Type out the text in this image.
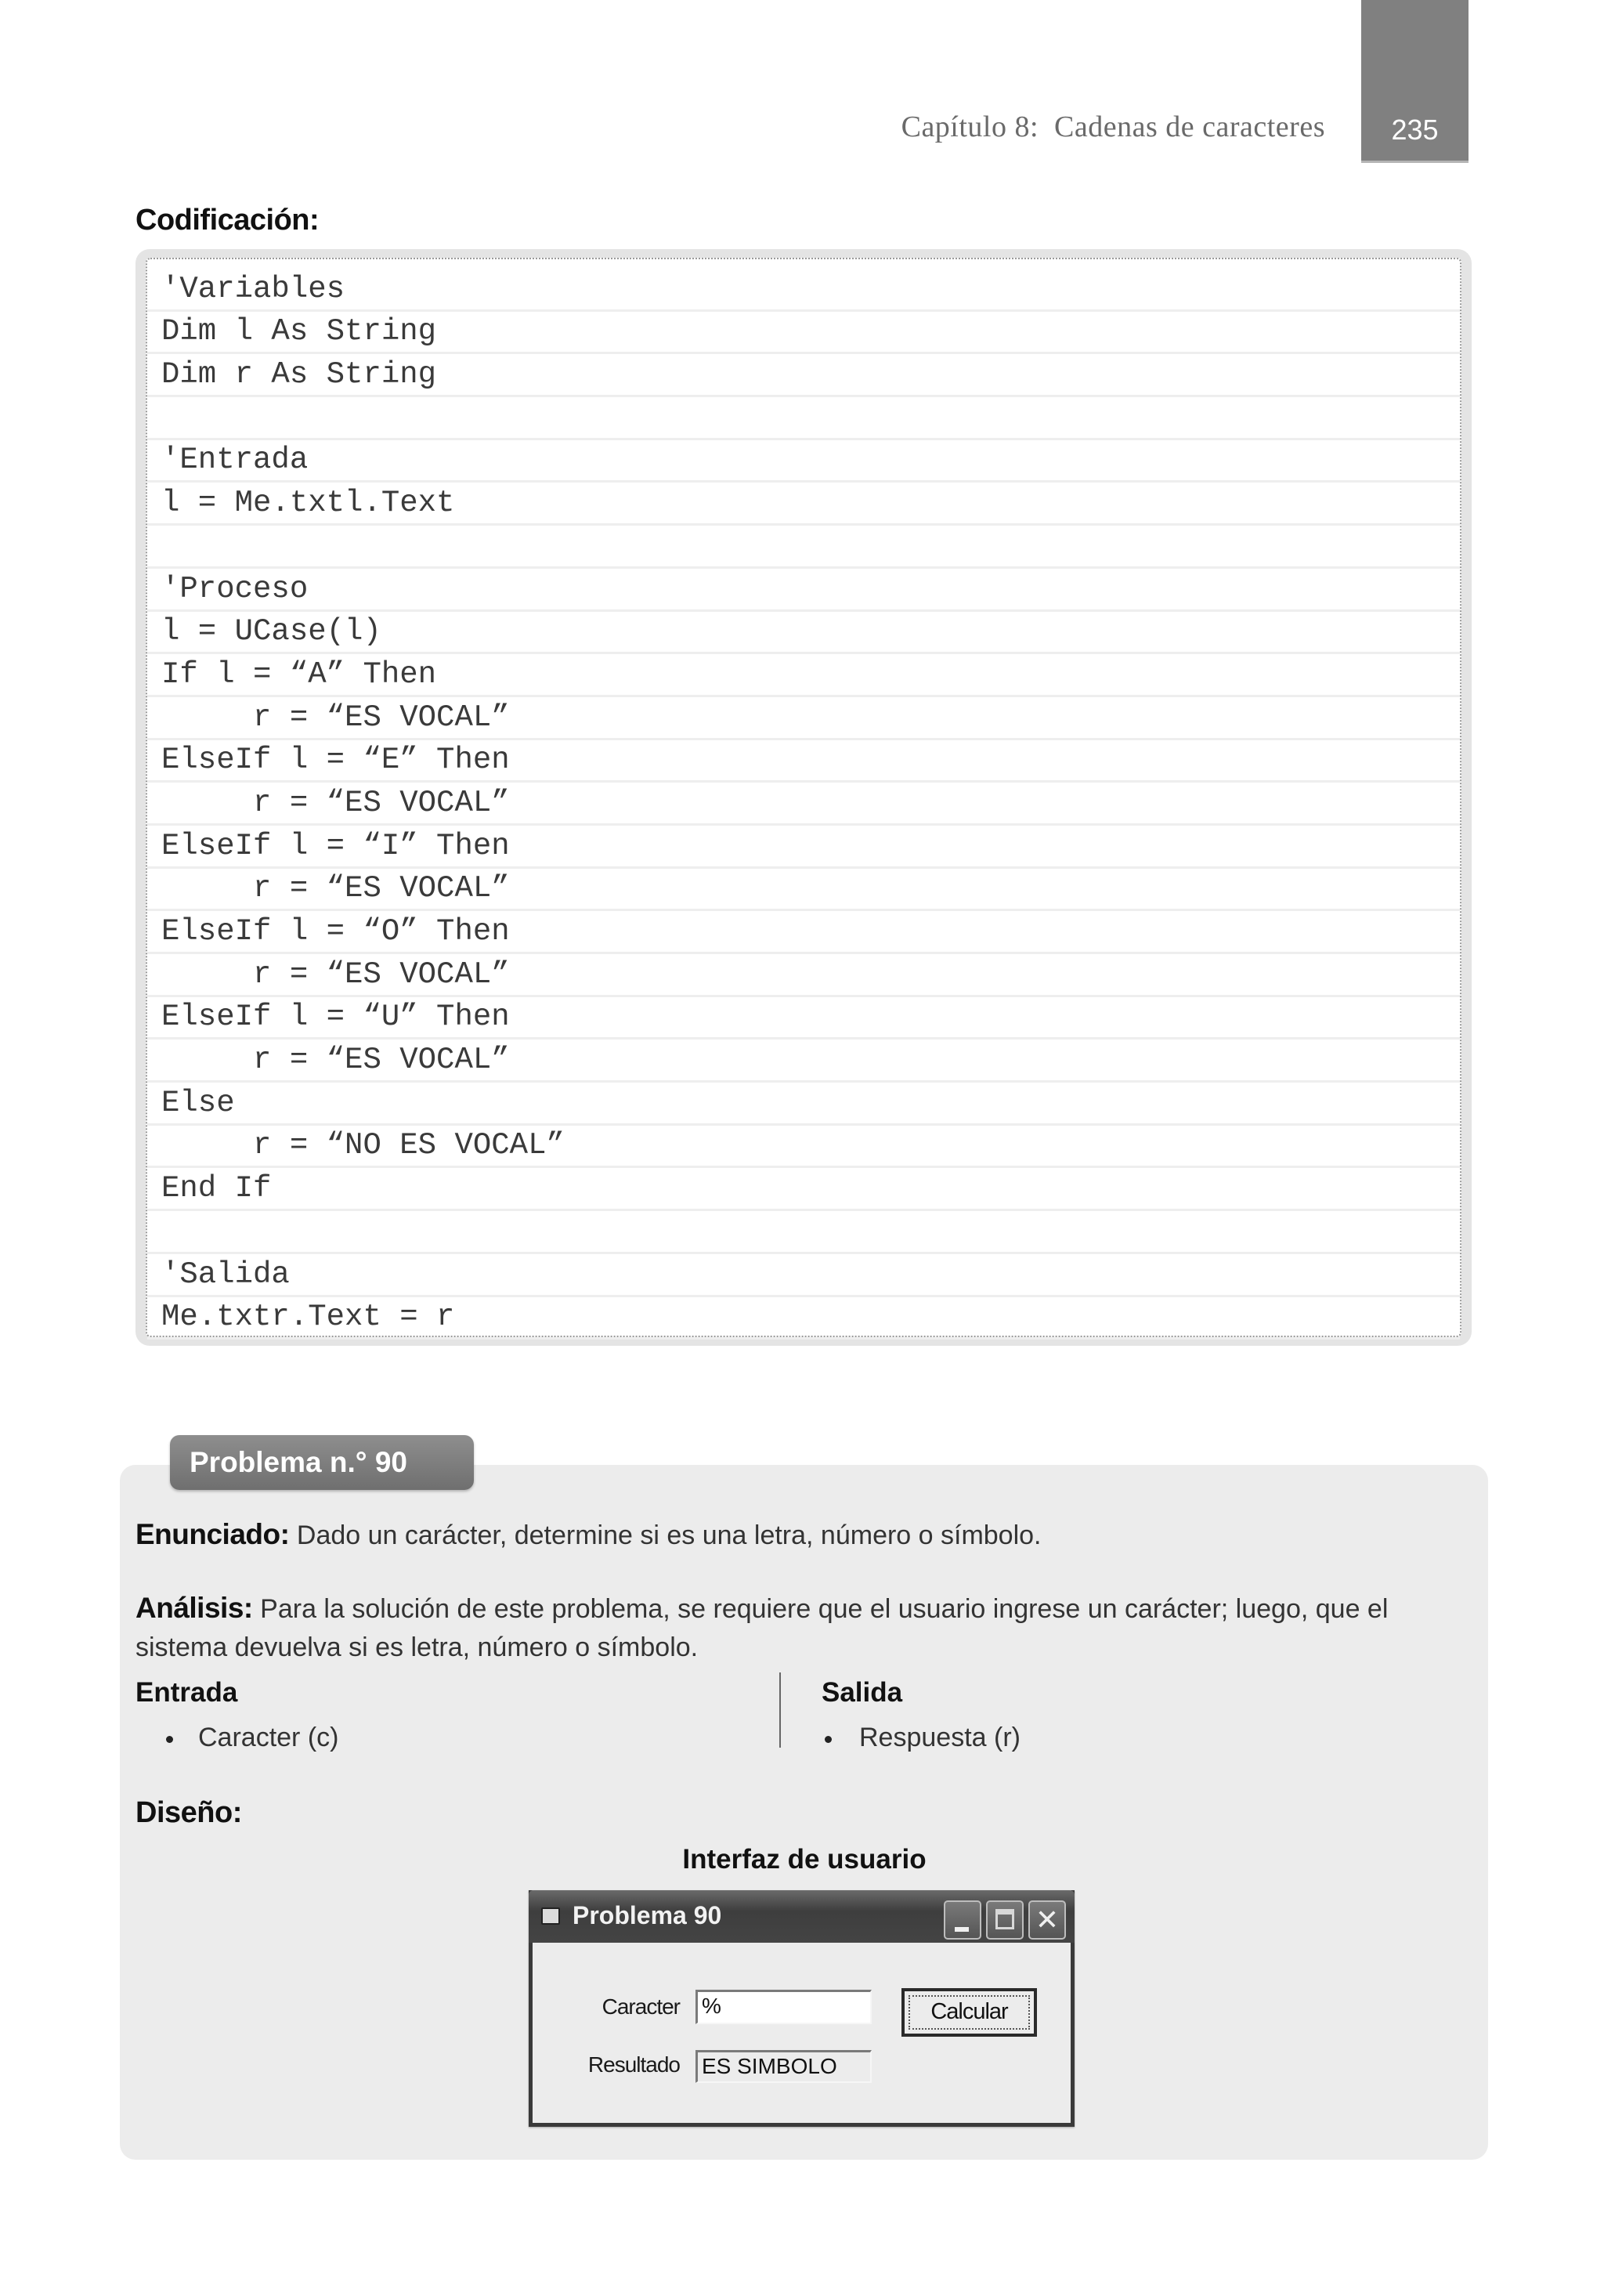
Capítulo 8:  Cadenas de caracteres	235
Codificación:
'Variables
Dim l As String
Dim r As String
'Entrada
l = Me.txtl.Text
'Proceso
l = UCase(l)
If l = “A” Then
r = “ES VOCAL”
ElseIf l = “E” Then
r = “ES VOCAL”
ElseIf l = “I” Then
r = “ES VOCAL”
ElseIf l = “O” Then
r = “ES VOCAL”
ElseIf l = “U” Then
r = “ES VOCAL”
Else
r = “NO ES VOCAL”
End If
'Salida
Me.txtr.Text = r
Problema n.° 90
Enunciado: Dado un carácter, determine si es una letra, número o símbolo.
Análisis: Para la solución de este problema, se requiere que el usuario ingrese un carácter; luego, que el sistema devuelva si es letra, número o símbolo.
Entrada
Caracter (c)
Salida
Respuesta (r)
Diseño:
Interfaz de usuario
Problema 90	✕
Caracter %
Resultado ES SIMBOLO
Calcular
